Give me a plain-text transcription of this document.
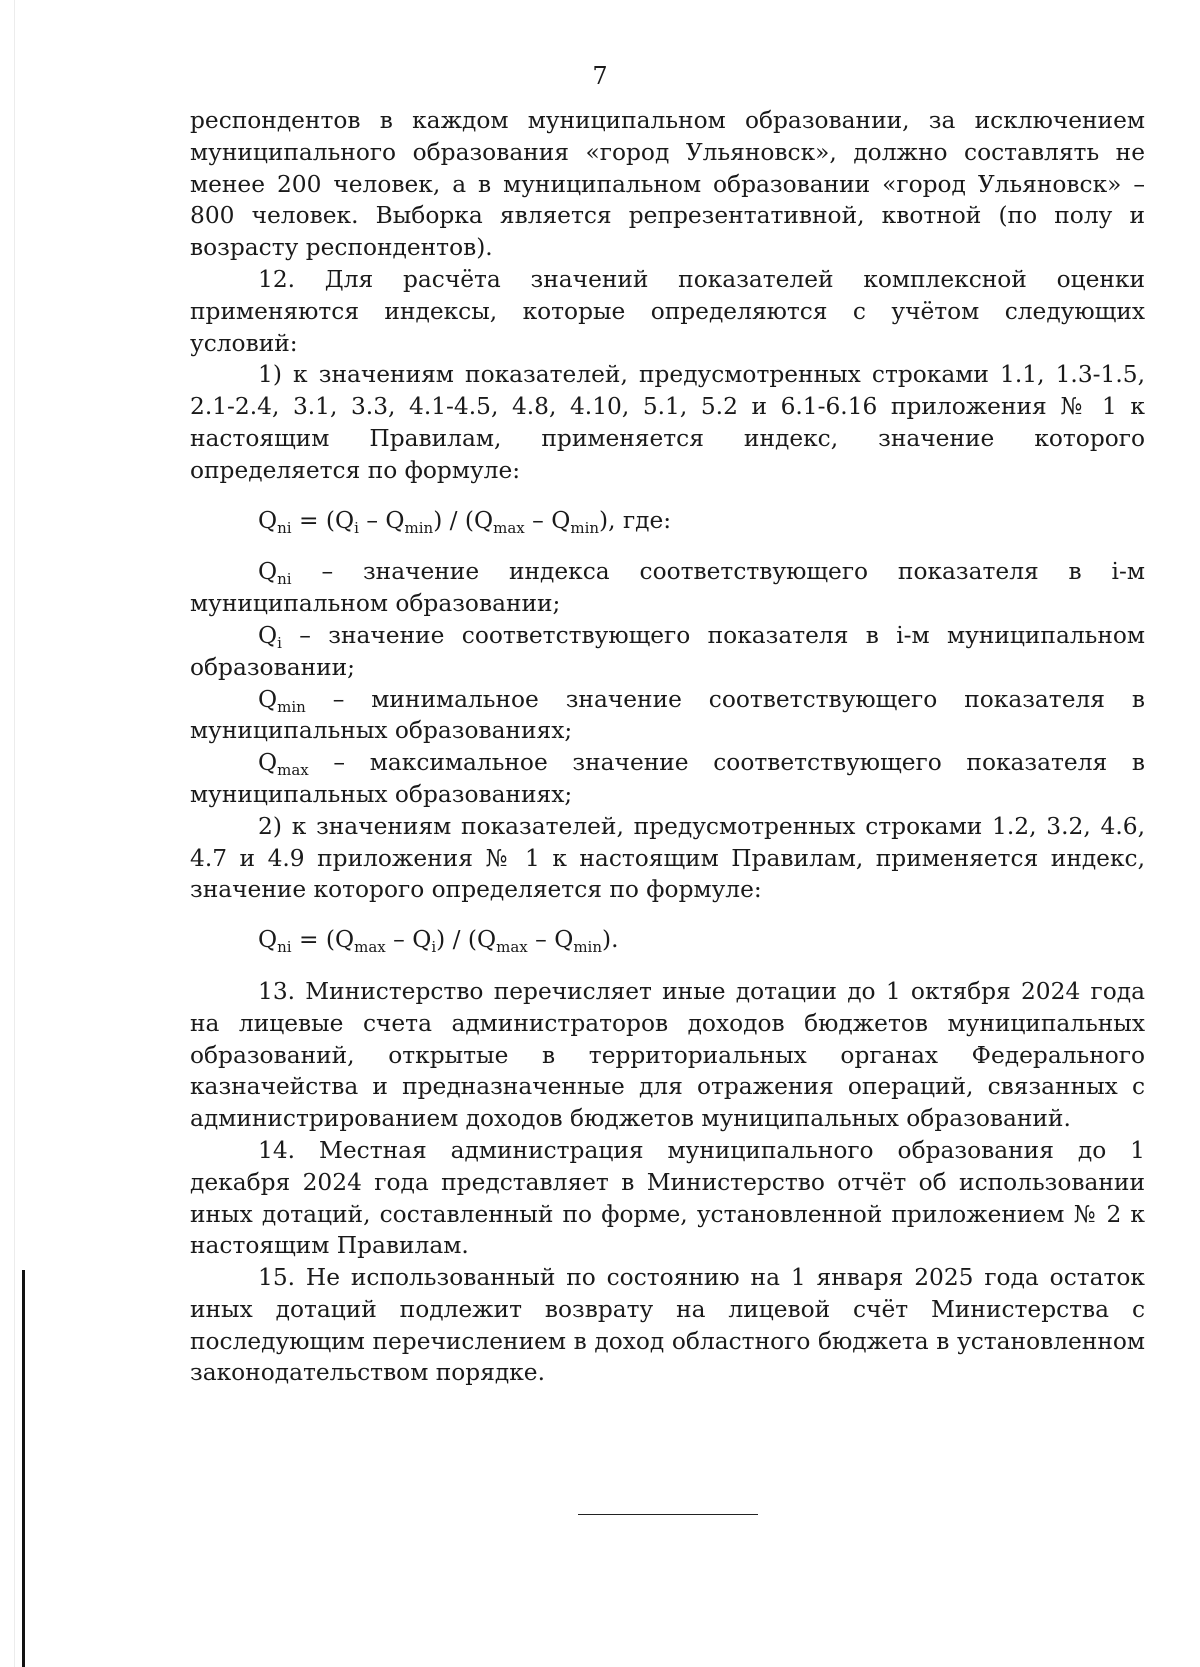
7

респондентов в каждом муниципальном образовании, за исключением муниципального образования «город Ульяновск», должно составлять не менее 200 человек, а в муниципальном образовании «город Ульяновск» – 800 человек. Выборка является репрезентативной, квотной (по полу и возрасту респондентов).

12. Для расчёта значений показателей комплексной оценки применяются индексы, которые определяются с учётом следующих условий:

1) к значениям показателей, предусмотренных строками 1.1, 1.3-1.5, 2.1-2.4, 3.1, 3.3, 4.1-4.5, 4.8, 4.10, 5.1, 5.2 и 6.1-6.16 приложения № 1 к настоящим Правилам, применяется индекс, значение которого определяется по формуле:

$Q_{ni} = (Q_i - Q_{min}) / (Q_{max} - Q_{min})$, где:

$Q_{ni}$ – значение индекса соответствующего показателя в i-м муниципальном образовании;

$Q_i$ – значение соответствующего показателя в i-м муниципальном образовании;

$Q_{min}$ – минимальное значение соответствующего показателя в муниципальных образованиях;

$Q_{max}$ – максимальное значение соответствующего показателя в муниципальных образованиях;

2) к значениям показателей, предусмотренных строками 1.2, 3.2, 4.6, 4.7 и 4.9 приложения № 1 к настоящим Правилам, применяется индекс, значение которого определяется по формуле:

$Q_{ni} = (Q_{max} - Q_i) / (Q_{max} - Q_{min})$.

13. Министерство перечисляет иные дотации до 1 октября 2024 года на лицевые счета администраторов доходов бюджетов муниципальных образований, открытые в территориальных органах Федерального казначейства и предназначенные для отражения операций, связанных с администрированием доходов бюджетов муниципальных образований.

14. Местная администрация муниципального образования до 1 декабря 2024 года представляет в Министерство отчёт об использовании иных дотаций, составленный по форме, установленной приложением № 2 к настоящим Правилам.

15. Не использованный по состоянию на 1 января 2025 года остаток иных дотаций подлежит возврату на лицевой счёт Министерства с последующим перечислением в доход областного бюджета в установленном законодательством порядке.
